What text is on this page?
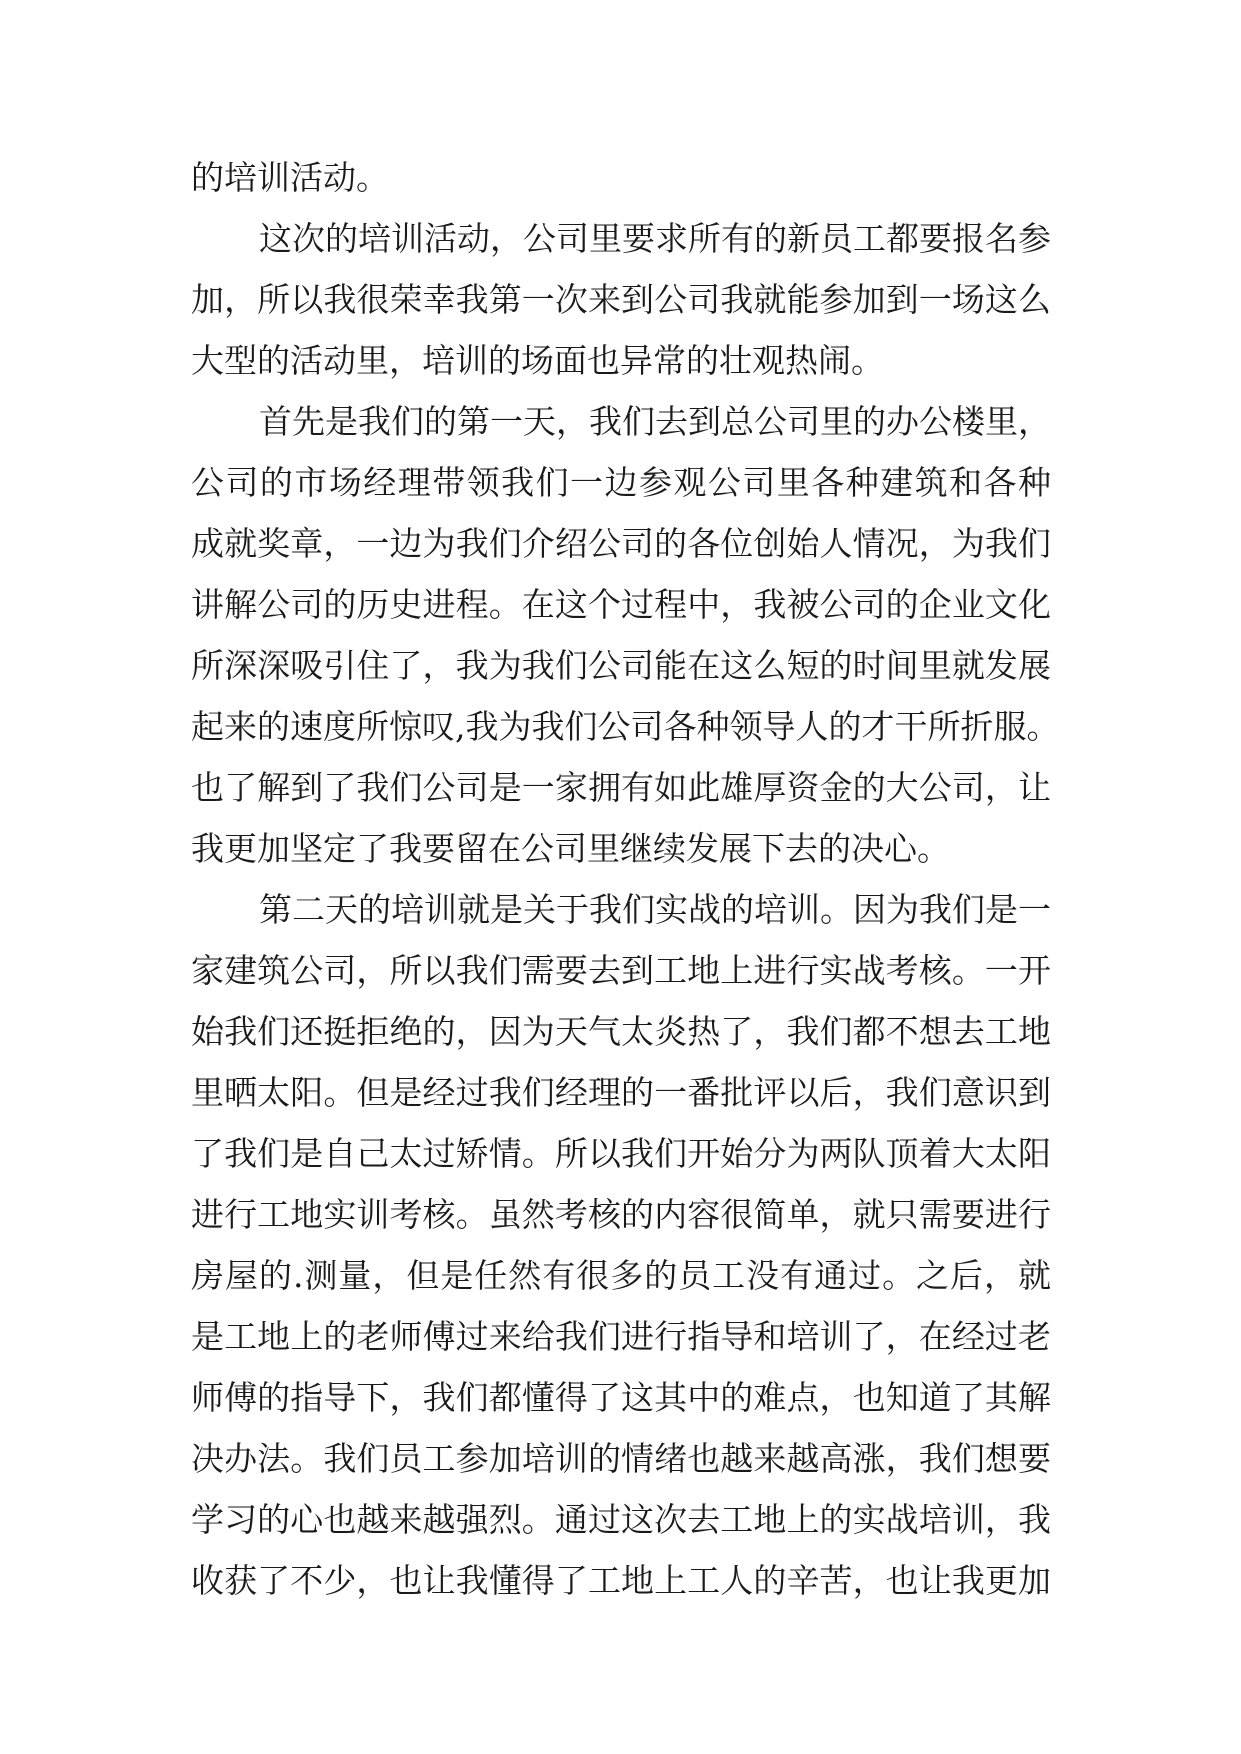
的培训活动。
这次的培训活动，公司里要求所有的新员工都要报名参
加，所以我很荣幸我第一次来到公司我就能参加到一场这么
大型的活动里，培训的场面也异常的壮观热闹。
首先是我们的第一天，我们去到总公司里的办公楼里，
公司的市场经理带领我们一边参观公司里各种建筑和各种
成就奖章，一边为我们介绍公司的各位创始人情况，为我们
讲解公司的历史进程。在这个过程中，我被公司的企业文化
所深深吸引住了，我为我们公司能在这么短的时间里就发展
起来的速度所惊叹,我为我们公司各种领导人的才干所折服。
也了解到了我们公司是一家拥有如此雄厚资金的大公司，让
我更加坚定了我要留在公司里继续发展下去的决心。
第二天的培训就是关于我们实战的培训。因为我们是一
家建筑公司，所以我们需要去到工地上进行实战考核。一开
始我们还挺拒绝的，因为天气太炎热了，我们都不想去工地
里晒太阳。但是经过我们经理的一番批评以后，我们意识到
了我们是自己太过矫情。所以我们开始分为两队顶着大太阳
进行工地实训考核。虽然考核的内容很简单，就只需要进行
房屋的.测量，但是任然有很多的员工没有通过。之后，就
是工地上的老师傅过来给我们进行指导和培训了，在经过老
师傅的指导下，我们都懂得了这其中的难点，也知道了其解
决办法。我们员工参加培训的情绪也越来越高涨，我们想要
学习的心也越来越强烈。通过这次去工地上的实战培训，我
收获了不少，也让我懂得了工地上工人的辛苦，也让我更加
